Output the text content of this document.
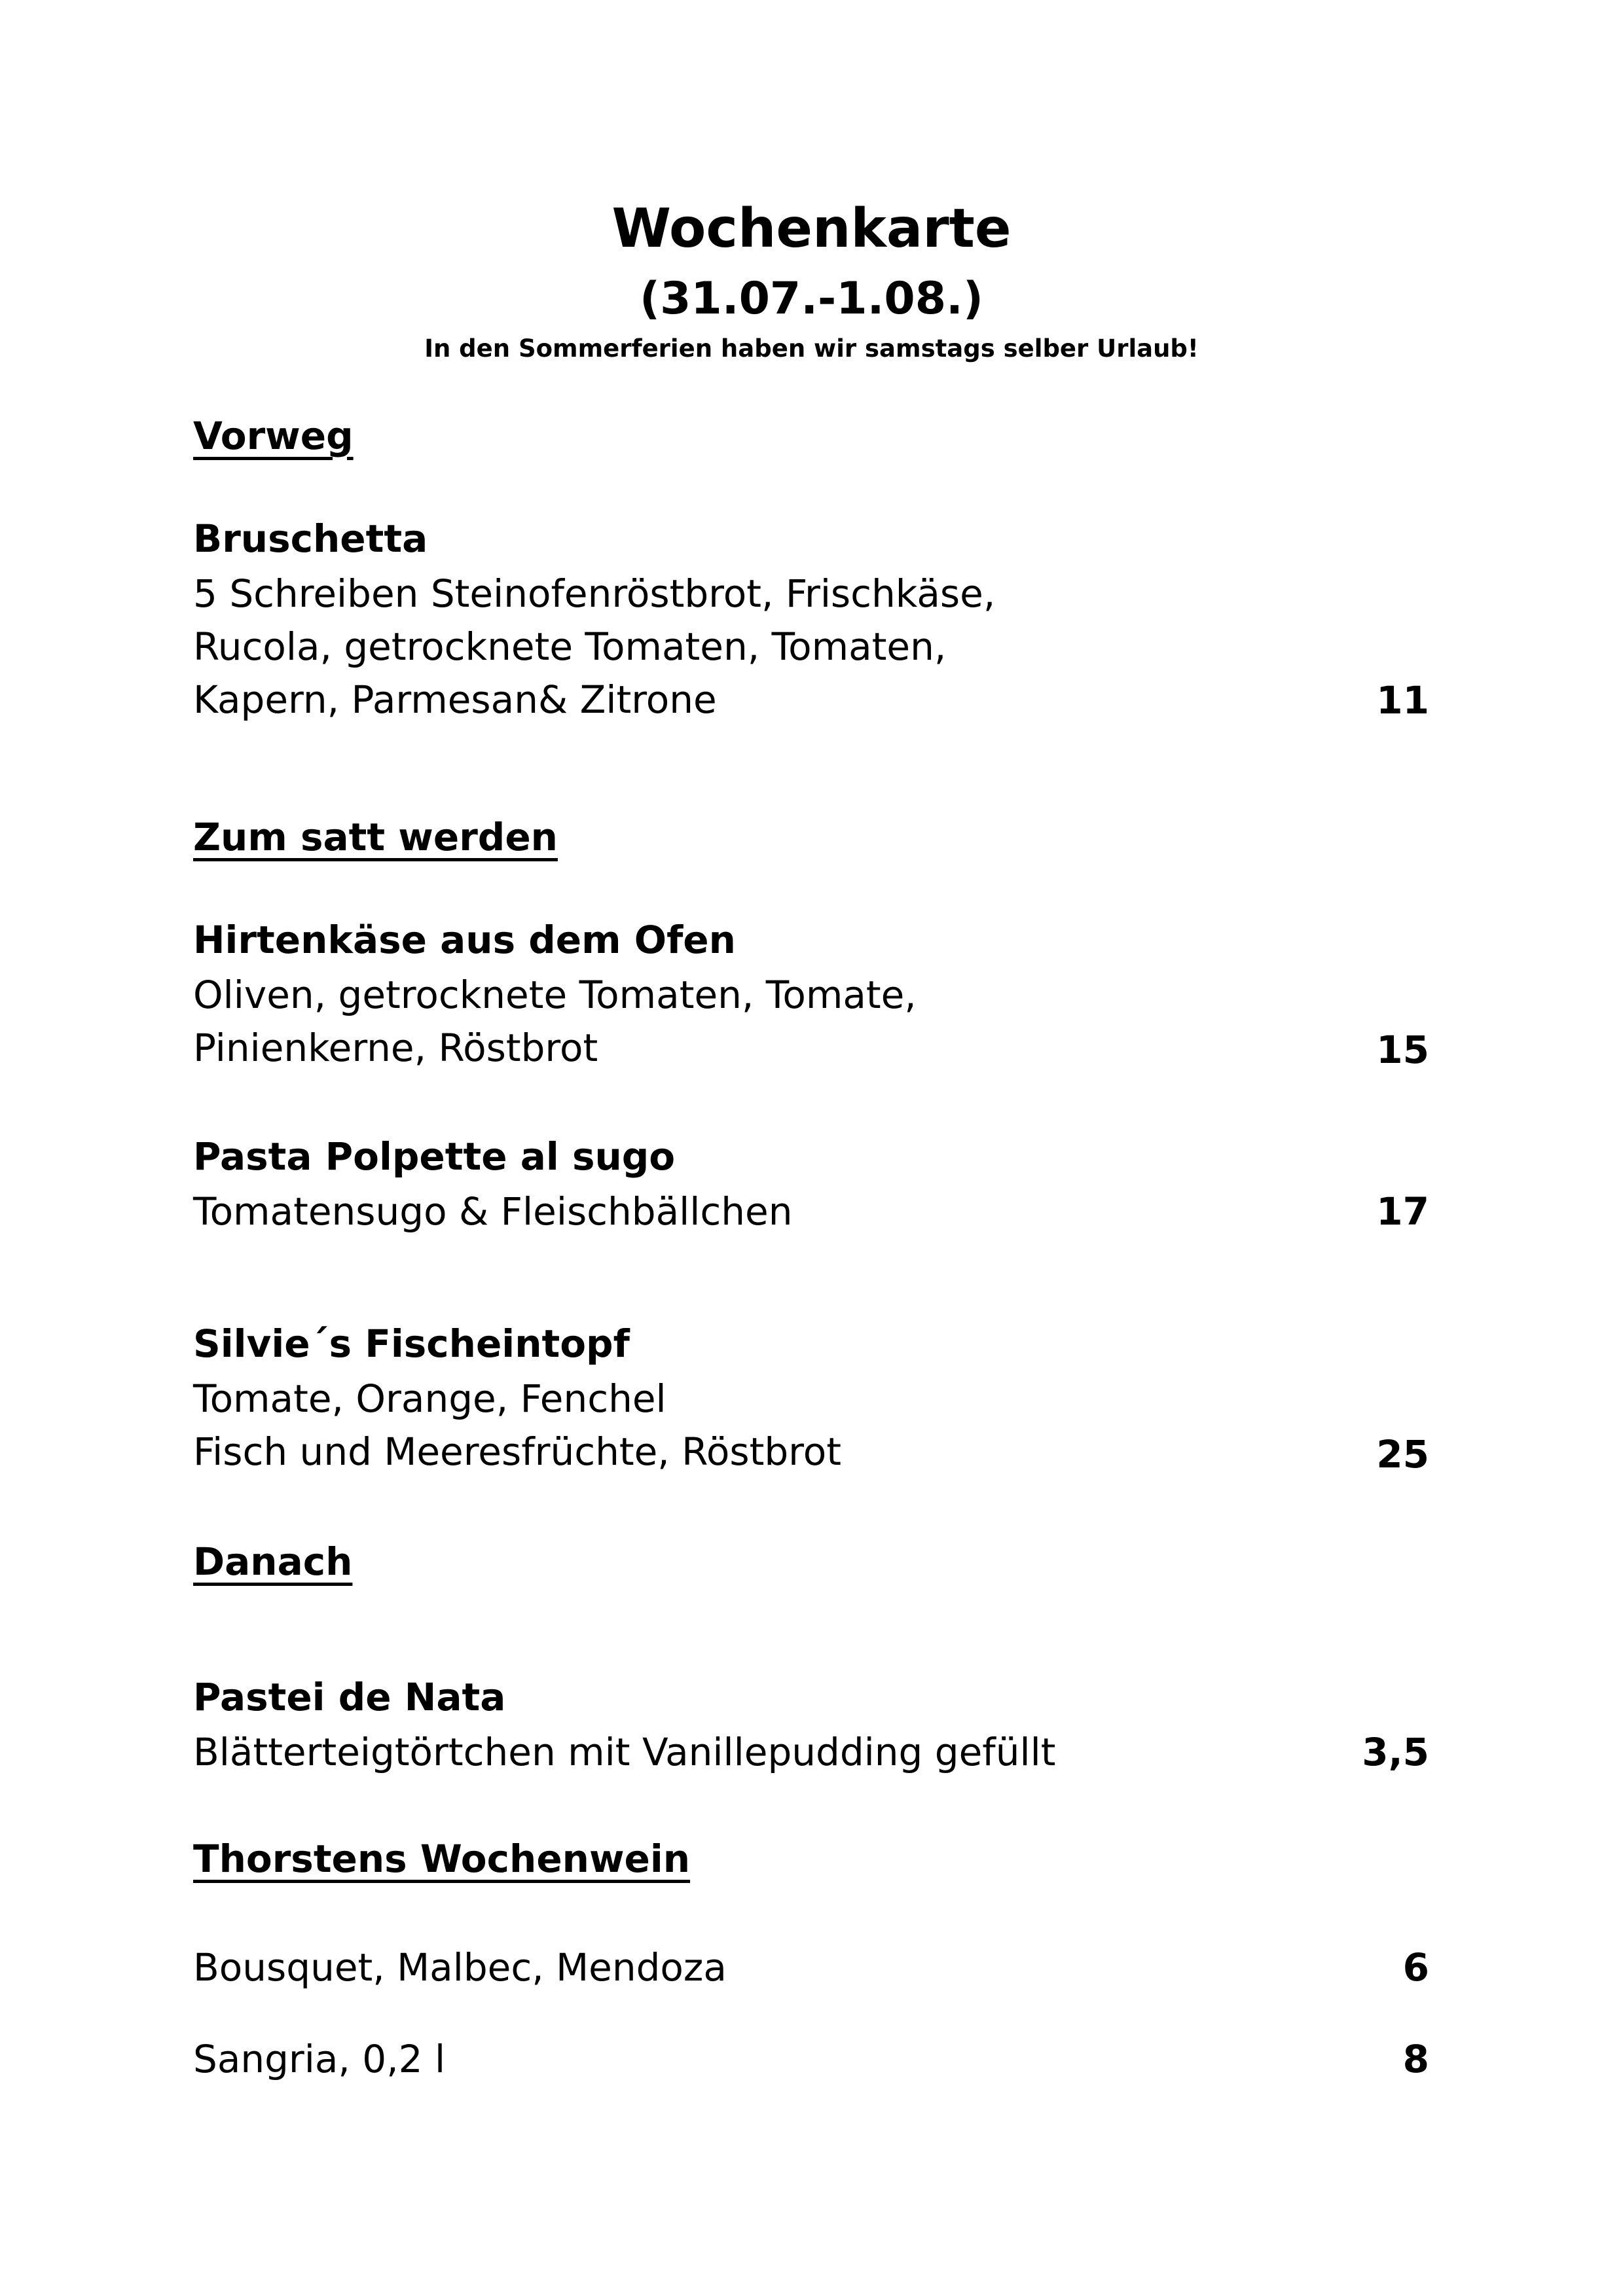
Wochenkarte
(31.07.-1.08.)
In den Sommerferien haben wir samstags selber Urlaub!
Vorweg
Bruschetta
5 Schreiben Steinofenröstbrot, Frischkäse,
Rucola, getrocknete Tomaten, Tomaten,
Kapern, Parmesan& Zitrone	11
Zum satt werden
Hirtenkäse aus dem Ofen
Oliven, getrocknete Tomaten, Tomate,
Pinienkerne, Röstbrot	15
Pasta Polpette al sugo
Tomatensugo & Fleischbällchen	17
Silvie´s Fischeintopf
Tomate, Orange, Fenchel
Fisch und Meeresfrüchte, Röstbrot	25
Danach
Pastei de Nata
Blätterteigtörtchen mit Vanillepudding gefüllt	3,5
Thorstens Wochenwein
Bousquet, Malbec, Mendoza	6
Sangria, 0,2 l	8
